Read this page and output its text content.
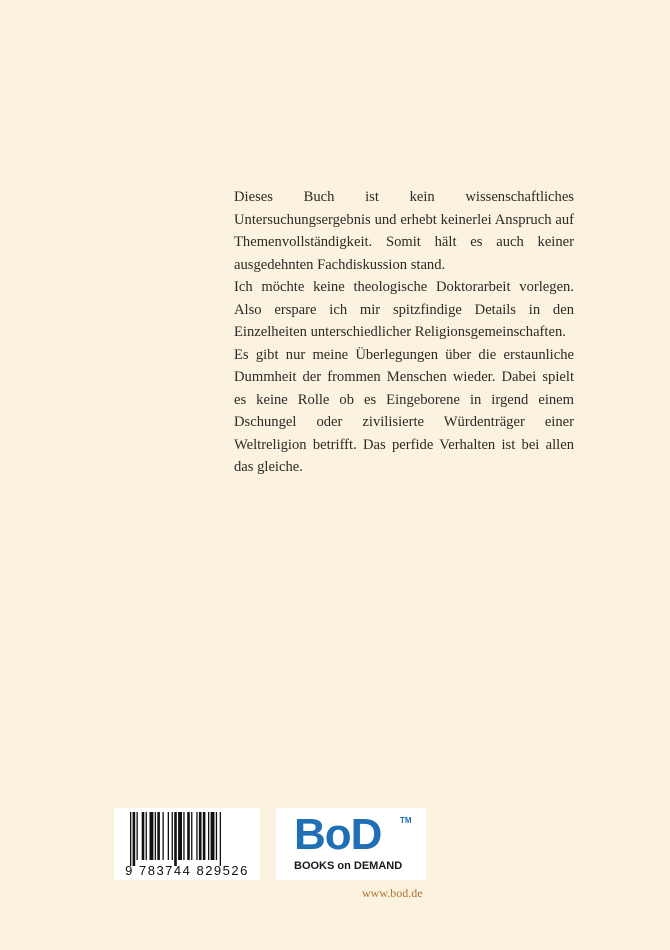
Dieses Buch ist kein wissenschaftliches Untersuchungsergebnis und erhebt keinerlei Anspruch auf Themenvollständigkeit. Somit hält es auch keiner ausgedehnten Fachdiskussion stand.

Ich möchte keine theologische Doktorarbeit vorlegen. Also erspare ich mir spitzfindige Details in den Einzelheiten unterschiedlicher Religionsgemeinschaften.

Es gibt nur meine Überlegungen über die erstaunliche Dummheit der frommen Menschen wieder. Dabei spielt es keine Rolle ob es Eingeborene in irgend einem Dschungel oder zivilisierte Würdenträger einer Weltreligion betrifft. Das perfide Verhalten ist bei allen das gleiche.

9 783744 829526
BoD TM
BOOKS on DEMAND
www.bod.de
